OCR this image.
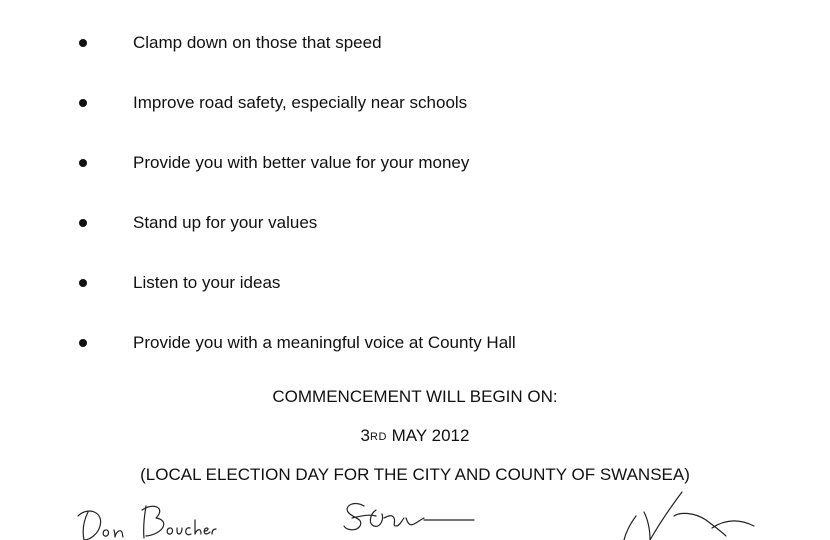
Clamp down on those that speed
Improve road safety, especially near schools
Provide you with better value for your money
Stand up for your values
Listen to your ideas
Provide you with a meaningful voice at County Hall
COMMENCEMENT WILL BEGIN ON:
3RD MAY 2012
(LOCAL ELECTION DAY FOR THE CITY AND COUNTY OF SWANSEA)
